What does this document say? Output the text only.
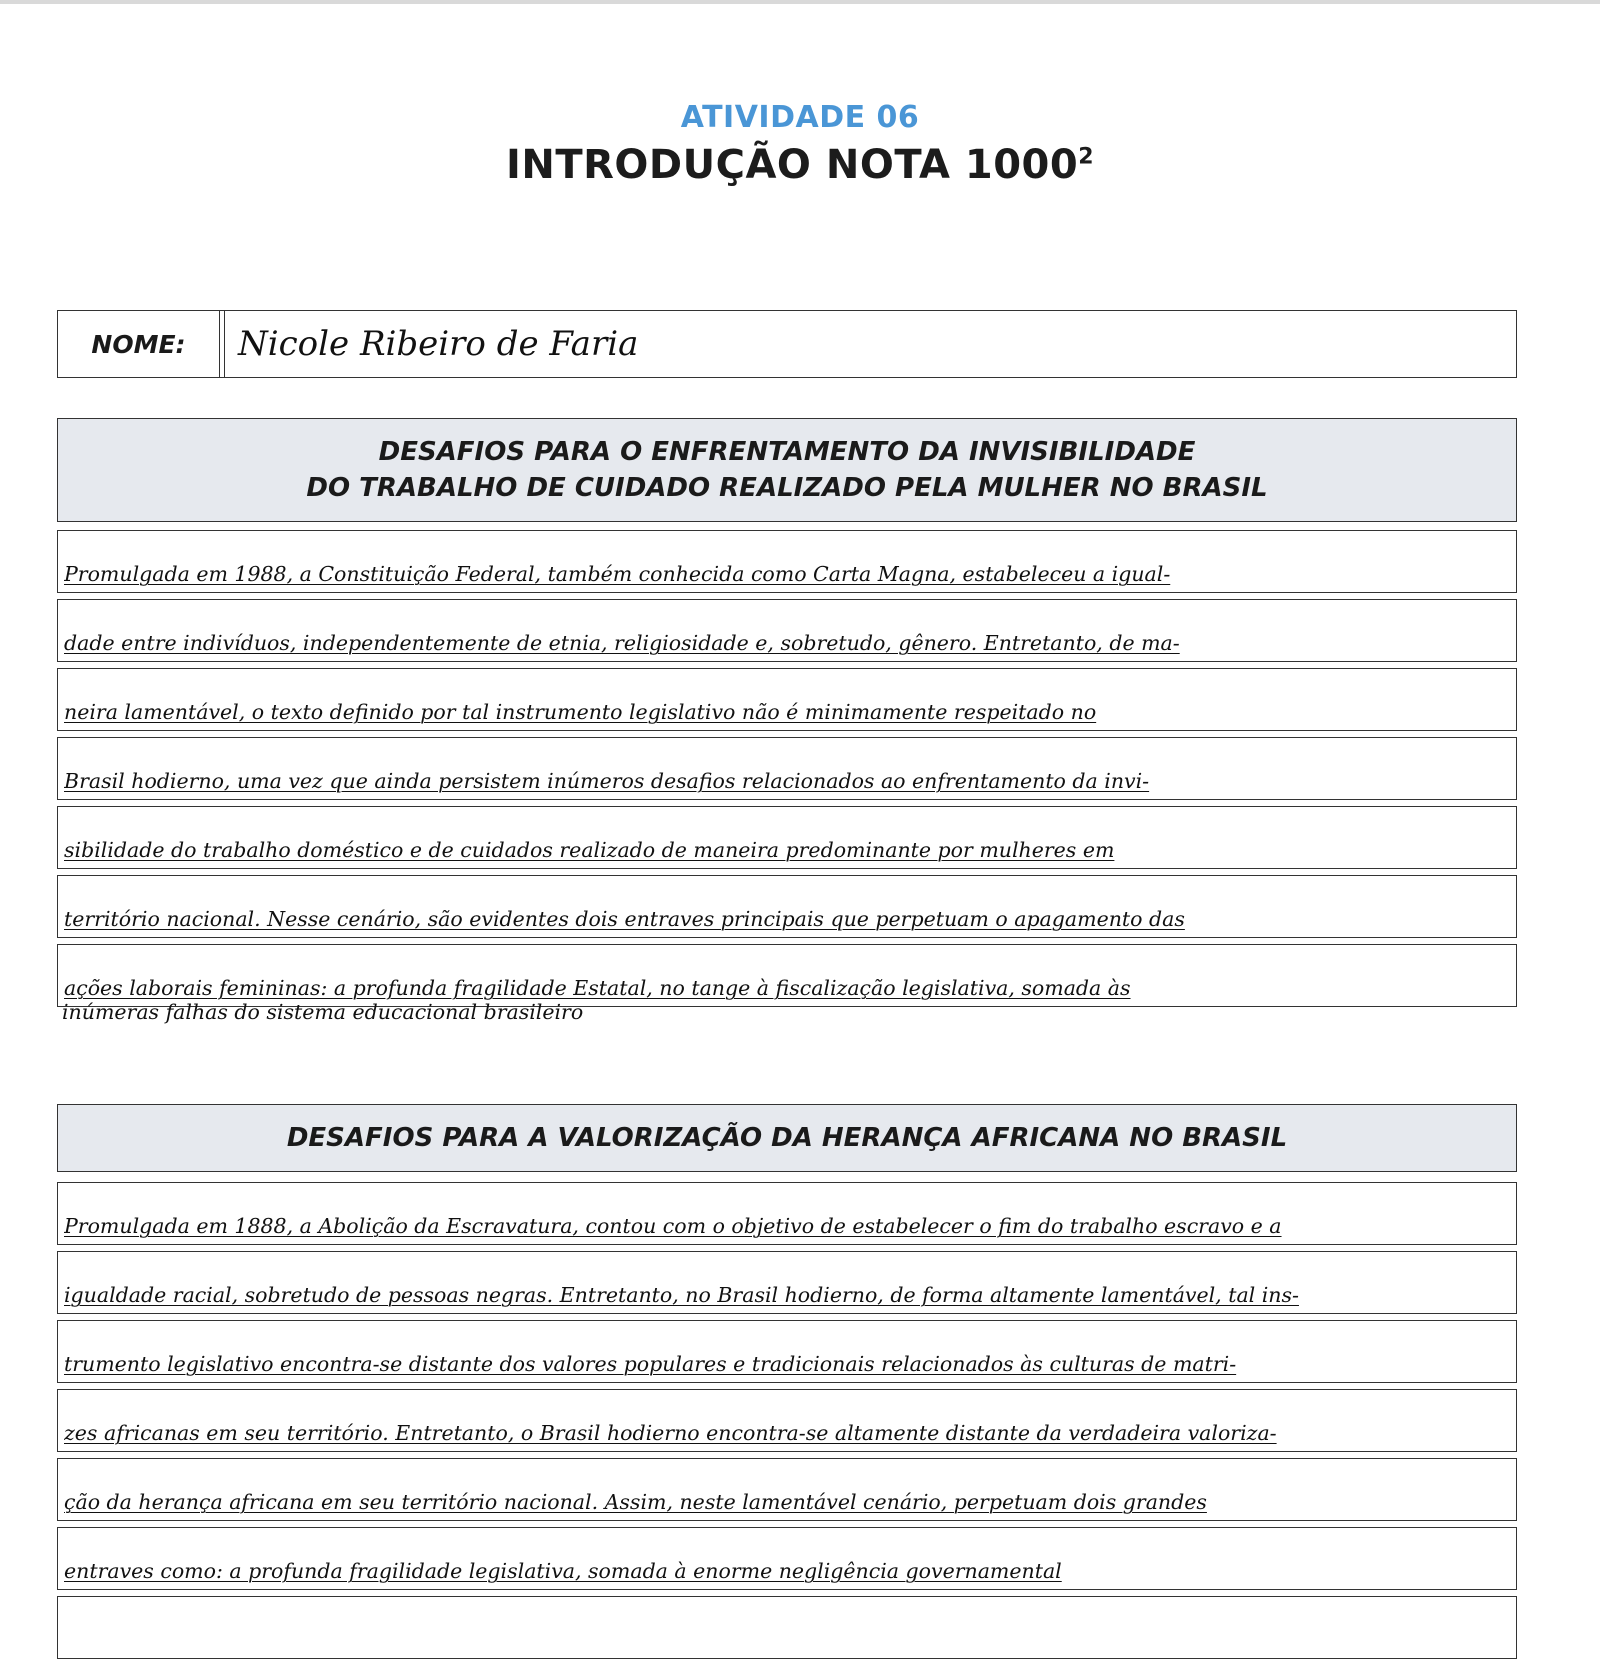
ATIVIDADE 06
INTRODUÇÃO NOTA 1000$^2$
NOME:	Nicole Ribeiro de Faria
DESAFIOS PARA O ENFRENTAMENTO DA INVISIBILIDADE
DO TRABALHO DE CUIDADO REALIZADO PELA MULHER NO BRASIL
Promulgada em 1988, a Constituição Federal, também conhecida como Carta Magna, estabeleceu a igual-
dade entre indivíduos, independentemente de etnia, religiosidade e, sobretudo, gênero. Entretanto, de ma-
neira lamentável, o texto definido por tal instrumento legislativo não é minimamente respeitado no
Brasil hodierno, uma vez que ainda persistem inúmeros desafios relacionados ao enfrentamento da invi-
sibilidade do trabalho doméstico e de cuidados realizado de maneira predominante por mulheres em
território nacional. Nesse cenário, são evidentes dois entraves principais que perpetuam o apagamento das
ações laborais femininas: a profunda fragilidade Estatal, no tange à fiscalização legislativa, somada às
inúmeras falhas do sistema educacional brasileiro
DESAFIOS PARA A VALORIZAÇÃO DA HERANÇA AFRICANA NO BRASIL
Promulgada em 1888, a Abolição da Escravatura, contou com o objetivo de estabelecer o fim do trabalho escravo e a
igualdade racial, sobretudo de pessoas negras. Entretanto, no Brasil hodierno, de forma altamente lamentável, tal ins-
trumento legislativo encontra-se distante dos valores populares e tradicionais relacionados às culturas de matri-
zes africanas em seu território. Entretanto, o Brasil hodierno encontra-se altamente distante da verdadeira valoriza-
ção da herança africana em seu território nacional. Assim, neste lamentável cenário, perpetuam dois grandes
entraves como: a profunda fragilidade legislativa, somada à enorme negligência governamental
